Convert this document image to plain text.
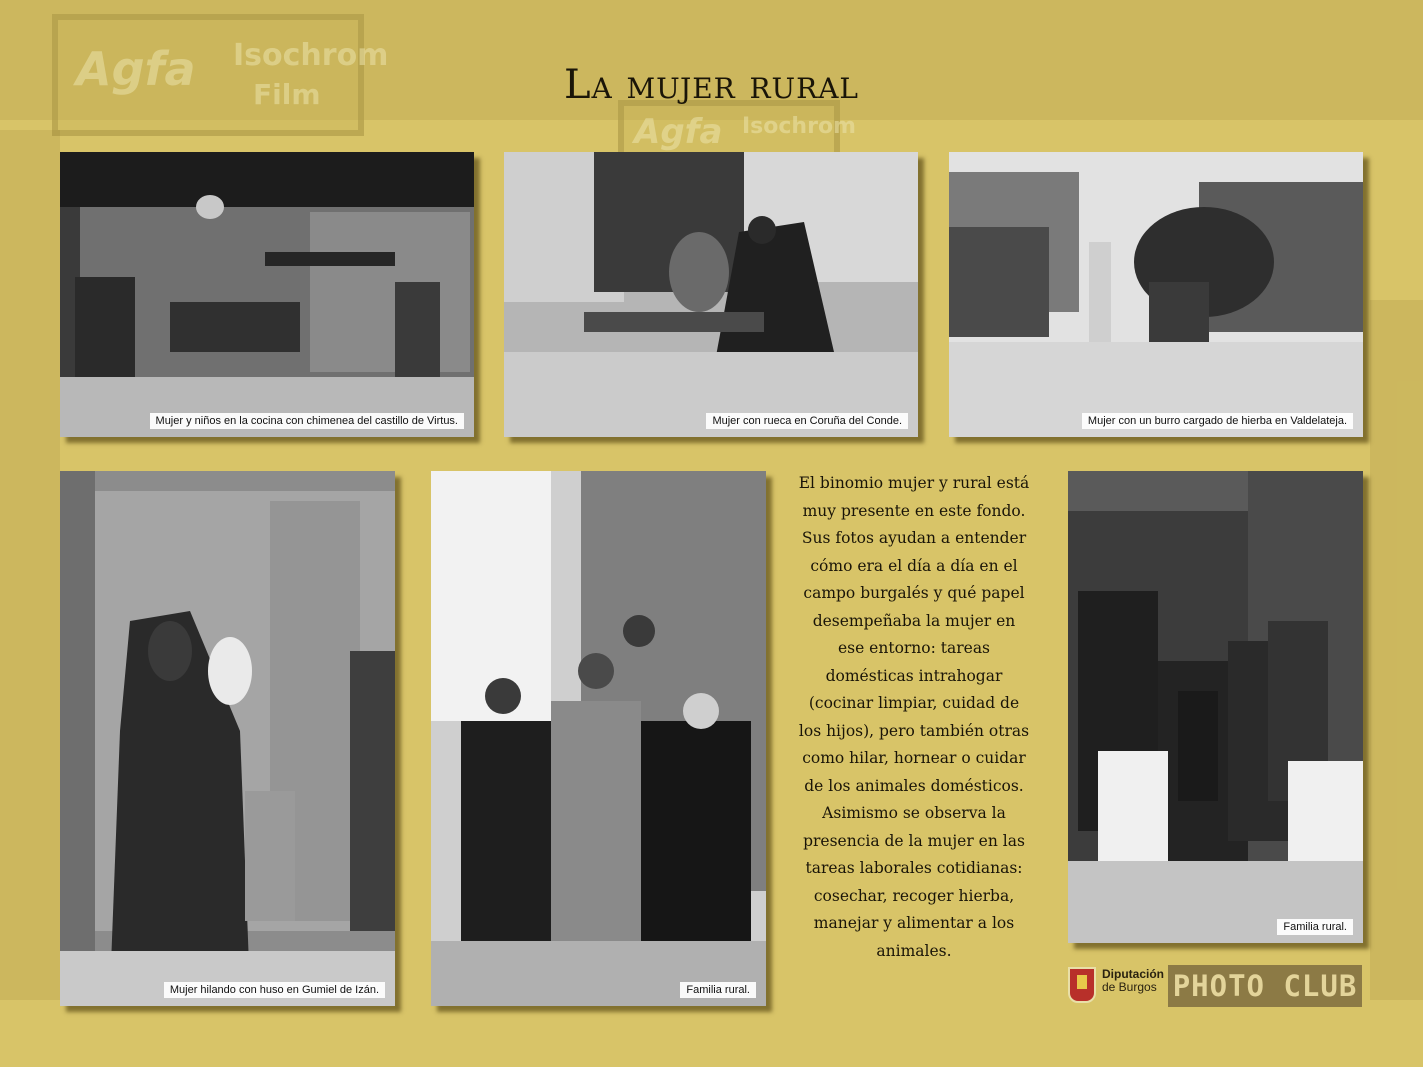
Agfa Isochrom
Film
Agfa Isochrom
La mujer rural
Mujer y niños en la cocina con chimenea del castillo de Virtus.	Mujer con rueca en Coruña del Conde.	Mujer con un burro cargado de hierba en Valdelateja.
Mujer hilando con huso en Gumiel de Izán.	Familia rural.
Familia rural.
El binomio mujer y rural está muy presente en este fondo. Sus fotos ayudan a entender cómo era el día a día en el campo burgalés y qué papel desempeñaba la mujer en ese entorno: tareas domésticas intrahogar (cocinar limpiar, cuidad de los hijos), pero también otras como hilar, hornear o cuidar de los animales domésticos. Asimismo se observa la presencia de la mujer en las tareas laborales cotidianas: cosechar, recoger hierba, manejar y alimentar a los animales.
Diputación
de Burgos PHOTO CLUB
